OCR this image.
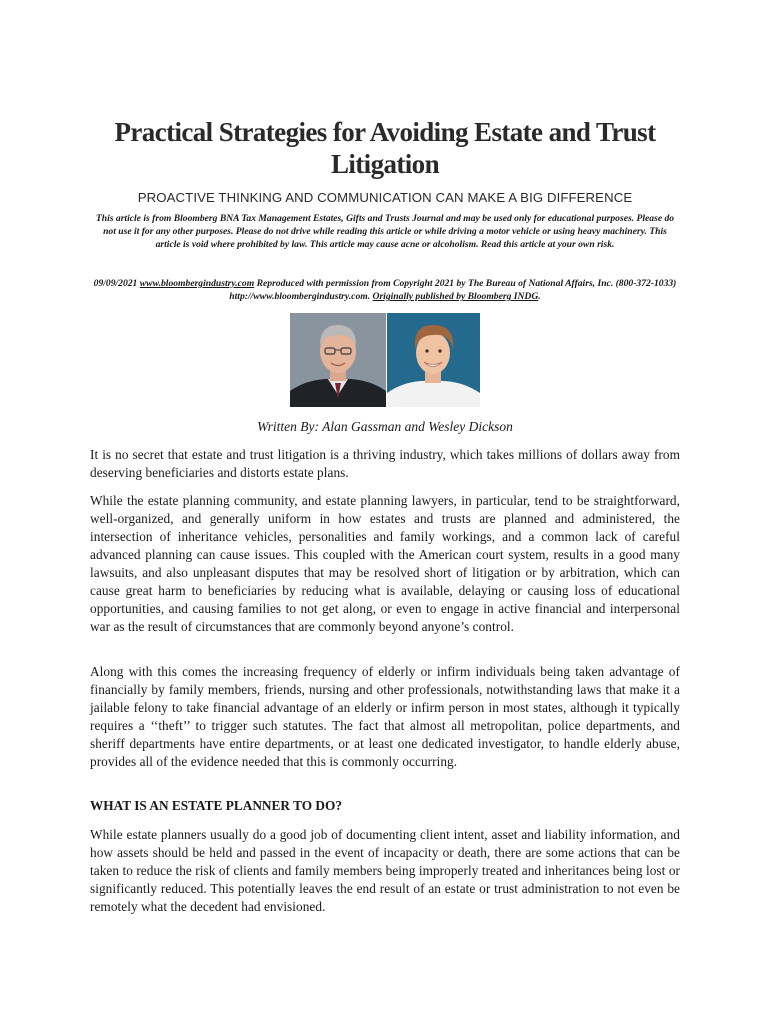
Practical Strategies for Avoiding Estate and Trust Litigation

PROACTIVE THINKING AND COMMUNICATION CAN MAKE A BIG DIFFERENCE

This article is from Bloomberg BNA Tax Management Estates, Gifts and Trusts Journal and may be used only for educational purposes. Please do not use it for any other purposes. Please do not drive while reading this article or while driving a motor vehicle or using heavy machinery. This article is void where prohibited by law. This article may cause acne or alcoholism. Read this article at your own risk.

09/09/2021 www.bloombergindustry.com Reproduced with permission from Copyright 2021 by The Bureau of National Affairs, Inc. (800-372-1033) http://www.bloombergindustry.com. Originally published by Bloomberg INDG.

Written By: Alan Gassman and Wesley Dickson

It is no secret that estate and trust litigation is a thriving industry, which takes millions of dollars away from deserving beneficiaries and distorts estate plans.

While the estate planning community, and estate planning lawyers, in particular, tend to be straightforward, well-organized, and generally uniform in how estates and trusts are planned and administered, the intersection of inheritance vehicles, personalities and family workings, and a common lack of careful advanced planning can cause issues. This coupled with the American court system, results in a good many lawsuits, and also unpleasant disputes that may be resolved short of litigation or by arbitration, which can cause great harm to beneficiaries by reducing what is available, delaying or causing loss of educational opportunities, and causing families to not get along, or even to engage in active financial and interpersonal war as the result of circumstances that are commonly beyond anyone’s control.

Along with this comes the increasing frequency of elderly or infirm individuals being taken advantage of financially by family members, friends, nursing and other professionals, notwithstanding laws that make it a jailable felony to take financial advantage of an elderly or infirm person in most states, although it typically requires a ‘‘theft’’ to trigger such statutes. The fact that almost all metropolitan, police departments, and sheriff departments have entire departments, or at least one dedicated investigator, to handle elderly abuse, provides all of the evidence needed that this is commonly occurring.

WHAT IS AN ESTATE PLANNER TO DO?

While estate planners usually do a good job of documenting client intent, asset and liability information, and how assets should be held and passed in the event of incapacity or death, there are some actions that can be taken to reduce the risk of clients and family members being improperly treated and inheritances being lost or significantly reduced. This potentially leaves the end result of an estate or trust administration to not even be remotely what the decedent had envisioned.
